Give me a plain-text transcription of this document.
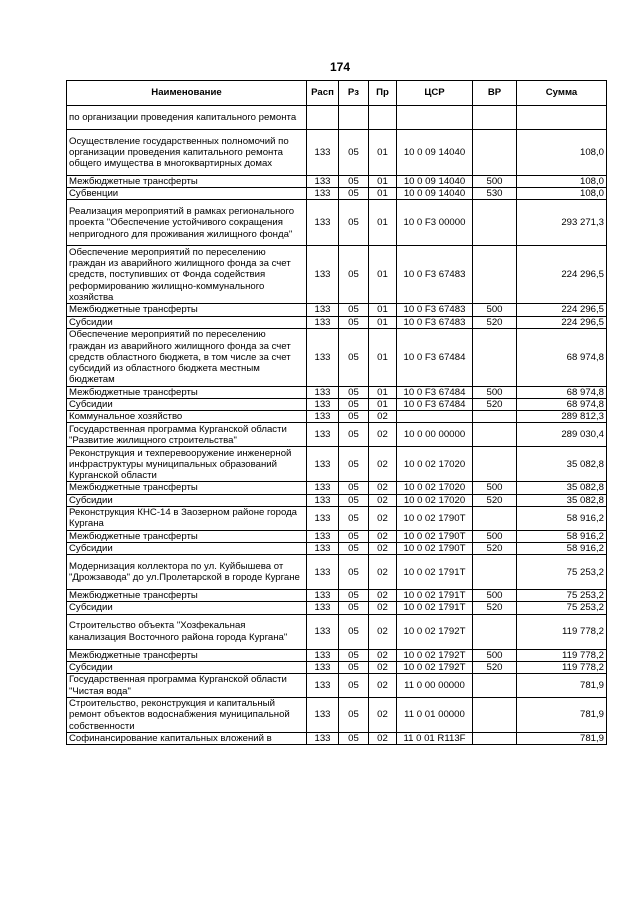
174
Наименование	Расп	Рз	Пр	ЦСР	ВР	Сумма
по организации проведения капитального ремонта						
Осуществление государственных полномочий по организации проведения капитального ремонта общего имущества в многоквартирных домах	133	05	01	10 0 09 14040		108,0
Межбюджетные трансферты	133	05	01	10 0 09 14040	500	108,0
Субвенции	133	05	01	10 0 09 14040	530	108,0
Реализация мероприятий в рамках регионального проекта "Обеспечение устойчивого сокращения непригодного для проживания жилищного фонда"	133	05	01	10 0 F3 00000		293 271,3
Обеспечение мероприятий по переселению граждан из аварийного жилищного фонда за счет средств, поступивших от Фонда содействия реформированию жилищно-коммунального хозяйства	133	05	01	10 0 F3 67483		224 296,5
Межбюджетные трансферты	133	05	01	10 0 F3 67483	500	224 296,5
Субсидии	133	05	01	10 0 F3 67483	520	224 296,5
Обеспечение мероприятий по переселению граждан из аварийного жилищного фонда за счет средств областного бюджета, в том числе за счет субсидий из областного бюджета местным бюджетам	133	05	01	10 0 F3 67484		68 974,8
Межбюджетные трансферты	133	05	01	10 0 F3 67484	500	68 974,8
Субсидии	133	05	01	10 0 F3 67484	520	68 974,8
Коммунальное хозяйство	133	05	02			289 812,3
Государственная программа Курганской области "Развитие жилищного строительства"	133	05	02	10 0 00 00000		289 030,4
Реконструкция и техперевооружение инженерной инфраструктуры муниципальных образований Курганской области	133	05	02	10 0 02 17020		35 082,8
Межбюджетные трансферты	133	05	02	10 0 02 17020	500	35 082,8
Субсидии	133	05	02	10 0 02 17020	520	35 082,8
Реконструкция КНС-14 в Заозерном районе города Кургана	133	05	02	10 0 02 1790T		58 916,2
Межбюджетные трансферты	133	05	02	10 0 02 1790T	500	58 916,2
Субсидии	133	05	02	10 0 02 1790T	520	58 916,2
Модернизация коллектора по ул. Куйбышева от "Дрожзавода" до ул.Пролетарской в городе Кургане	133	05	02	10 0 02 1791T		75 253,2
Межбюджетные трансферты	133	05	02	10 0 02 1791T	500	75 253,2
Субсидии	133	05	02	10 0 02 1791T	520	75 253,2
Строительство объекта "Хозфекальная канализация Восточного района города Кургана"	133	05	02	10 0 02 1792T		119 778,2
Межбюджетные трансферты	133	05	02	10 0 02 1792T	500	119 778,2
Субсидии	133	05	02	10 0 02 1792T	520	119 778,2
Государственная программа Курганской области "Чистая вода"	133	05	02	11 0 00 00000		781,9
Строительство, реконструкция и капитальный ремонт объектов водоснабжения муниципальной собственности	133	05	02	11 0 01 00000		781,9
Софинансирование капитальных вложений в	133	05	02	11 0 01 R113F		781,9
